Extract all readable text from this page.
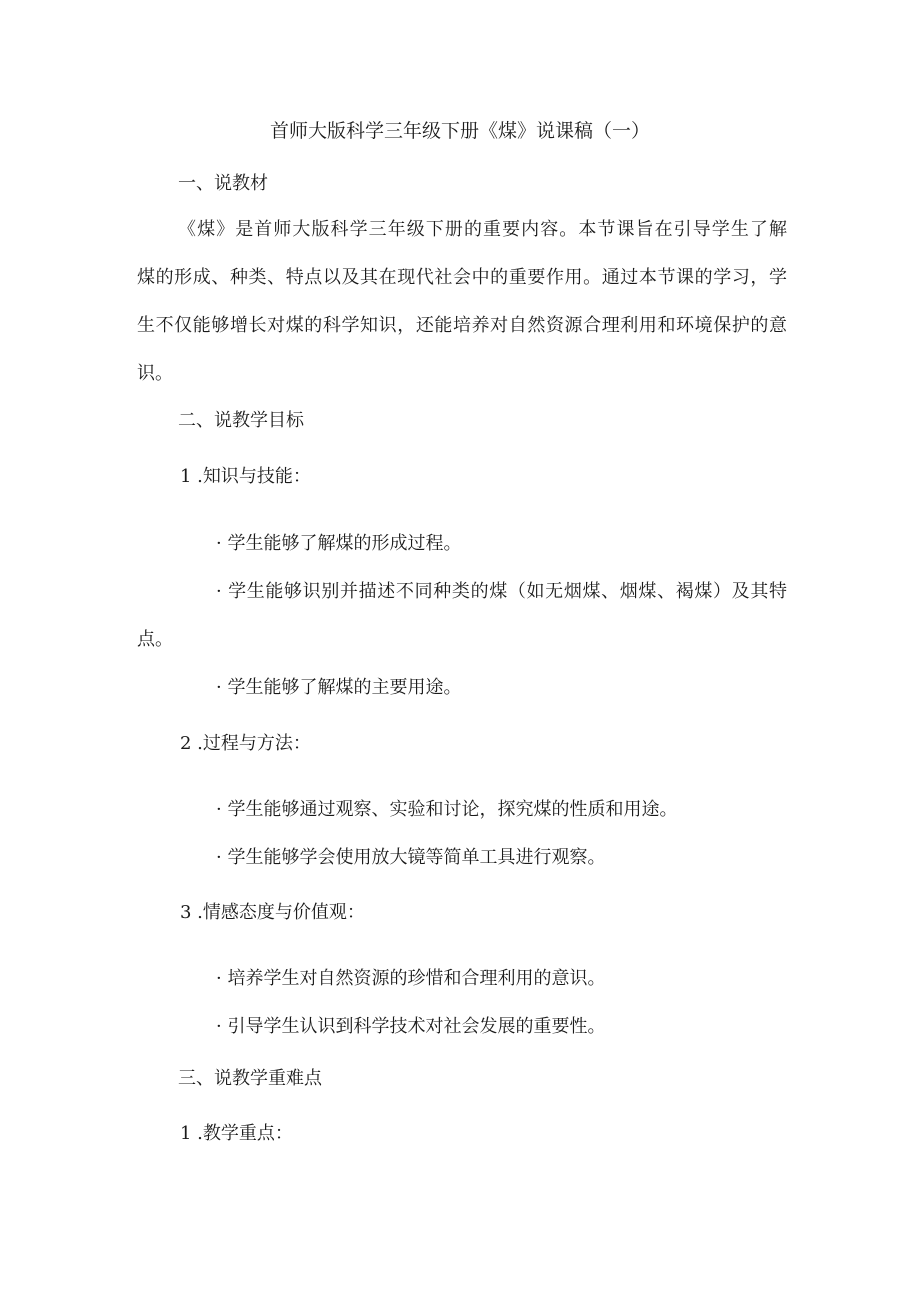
首师大版科学三年级下册《煤》说课稿（一）

一、说教材

《煤》是首师大版科学三年级下册的重要内容。本节课旨在引导学生了解

煤的形成、种类、特点以及其在现代社会中的重要作用。通过本节课的学习，学

生不仅能够增长对煤的科学知识，还能培养对自然资源合理利用和环境保护的意

识。

二、说教学目标

1 .知识与技能：

· 学生能够了解煤的形成过程。

· 学生能够识别并描述不同种类的煤（如无烟煤、烟煤、褐煤）及其特

点。

· 学生能够了解煤的主要用途。

2 .过程与方法：

· 学生能够通过观察、实验和讨论，探究煤的性质和用途。

· 学生能够学会使用放大镜等简单工具进行观察。

3 .情感态度与价值观：

· 培养学生对自然资源的珍惜和合理利用的意识。

· 引导学生认识到科学技术对社会发展的重要性。

三、说教学重难点

1 .教学重点：
